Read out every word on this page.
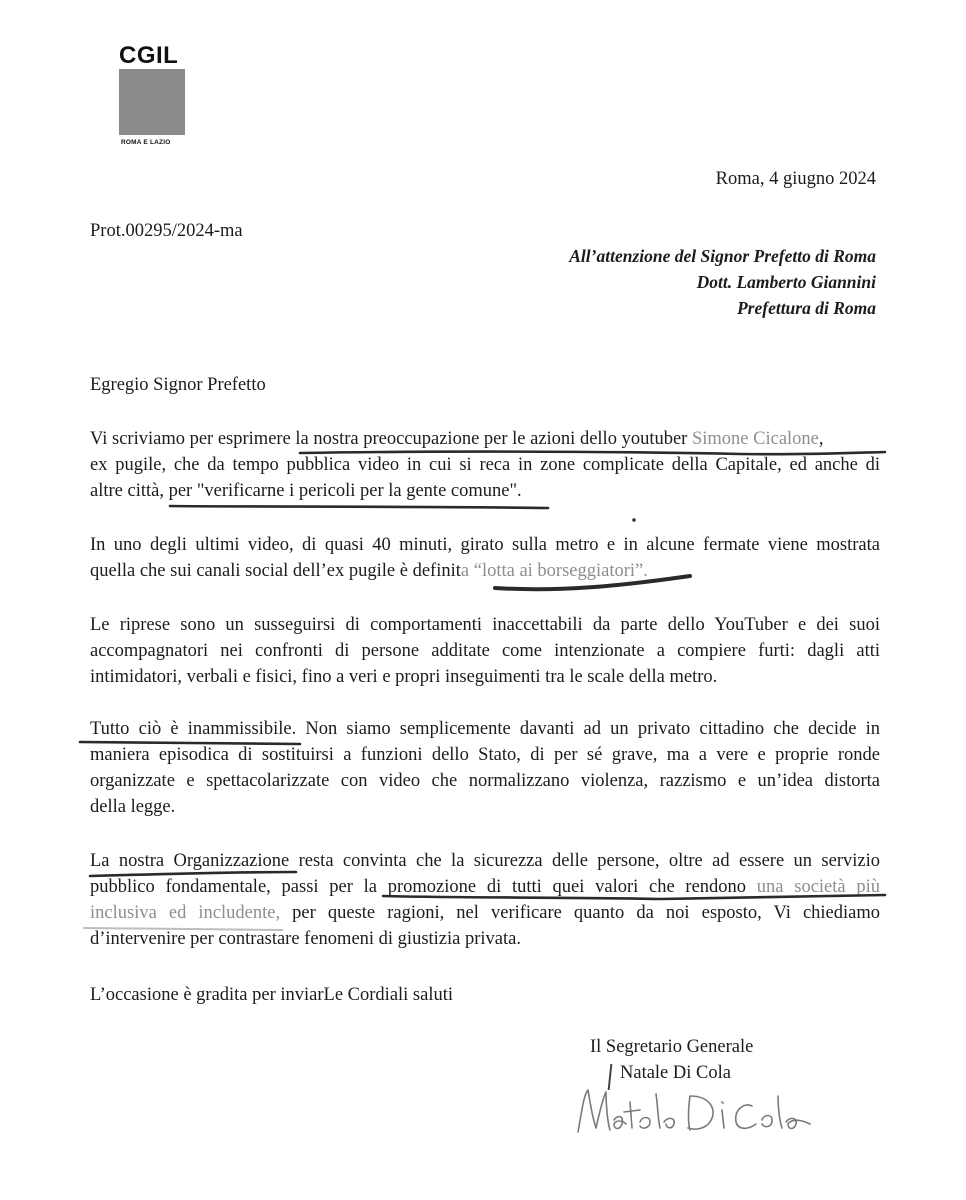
CGIL
ROMA E LAZIO
Roma, 4 giugno 2024
Prot.00295/2024-ma
All’attenzione del Signor Prefetto di Roma
Dott. Lamberto Giannini
Prefettura di Roma
Egregio Signor Prefetto
Vi scriviamo per esprimere la nostra preoccupazione per le azioni dello youtuber Simone Cicalone,
ex pugile, che da tempo pubblica video in cui si reca in zone complicate della Capitale, ed anche di
altre città, per "verificarne i pericoli per la gente comune".
In uno degli ultimi video, di quasi 40 minuti, girato sulla metro e in alcune fermate viene mostrata
quella che sui canali social dell’ex pugile è definita “lotta ai borseggiatori”.
Le riprese sono un susseguirsi di comportamenti inaccettabili da parte dello YouTuber e dei suoi
accompagnatori nei confronti di persone additate come intenzionate a compiere furti: dagli atti
intimidatori, verbali e fisici, fino a veri e propri inseguimenti tra le scale della metro.
Tutto ciò è inammissibile. Non siamo semplicemente davanti ad un privato cittadino che decide in
maniera episodica di sostituirsi a funzioni dello Stato, di per sé grave, ma a vere e proprie ronde
organizzate e spettacolarizzate con video che normalizzano violenza, razzismo e un’idea distorta
della legge.
La nostra Organizzazione resta convinta che la sicurezza delle persone, oltre ad essere un servizio
pubblico fondamentale, passi per la promozione di tutti quei valori che rendono una società più
inclusiva ed includente, per queste ragioni, nel verificare quanto da noi esposto, Vi chiediamo
d’intervenire per contrastare fenomeni di giustizia privata.
L’occasione è gradita per inviarLe Cordiali saluti
Il Segretario Generale
Natale Di Cola
